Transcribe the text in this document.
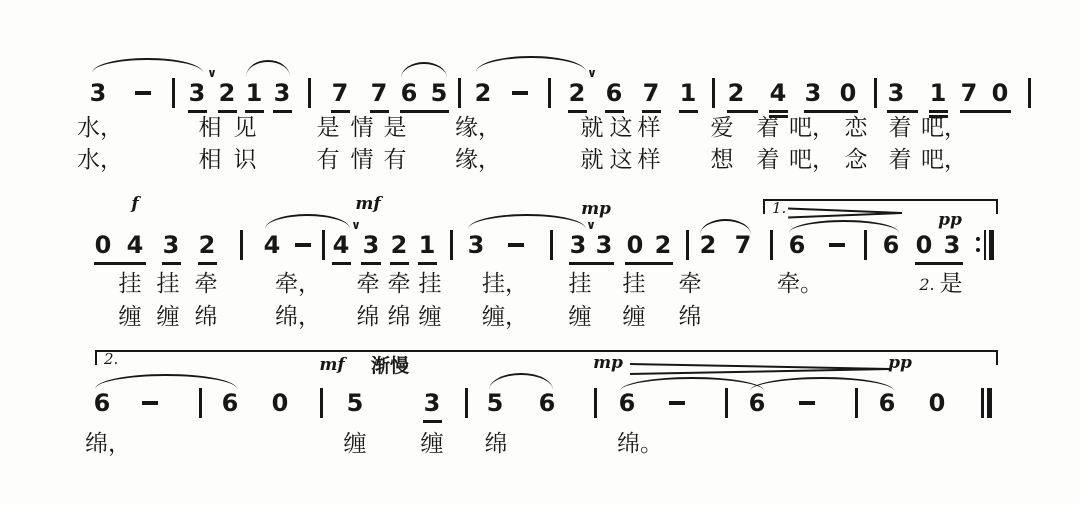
3	3
∨
2 1 3 7 7 6 5 2	2
∨
6 7 1 2 4 3 0 3 1 7 0
水，	相 见	是 情 是 缘，	就 这 样 爱 着 吧， 恋 着 吧，
水，	相 识	有 情 有 缘，	就 这 样 想 着 吧， 念 着 吧，
0 4 3 2 4 4
∨
3 2 1 3	3
∨
3 0 2 2 7 6	6 0 3
1.
f	mf	mp
pp
挂 挂 牵	牵， 牵 牵 挂 挂， 挂 挂 牵	牵。	2. 是
缠 缠 绵	绵， 绵 绵 缠 缠， 缠 缠 绵
6	6 0 5	3 5 6	6	6	6 0
2.	mf 渐慢	mp	pp
绵，	缠 缠 绵	绵。
